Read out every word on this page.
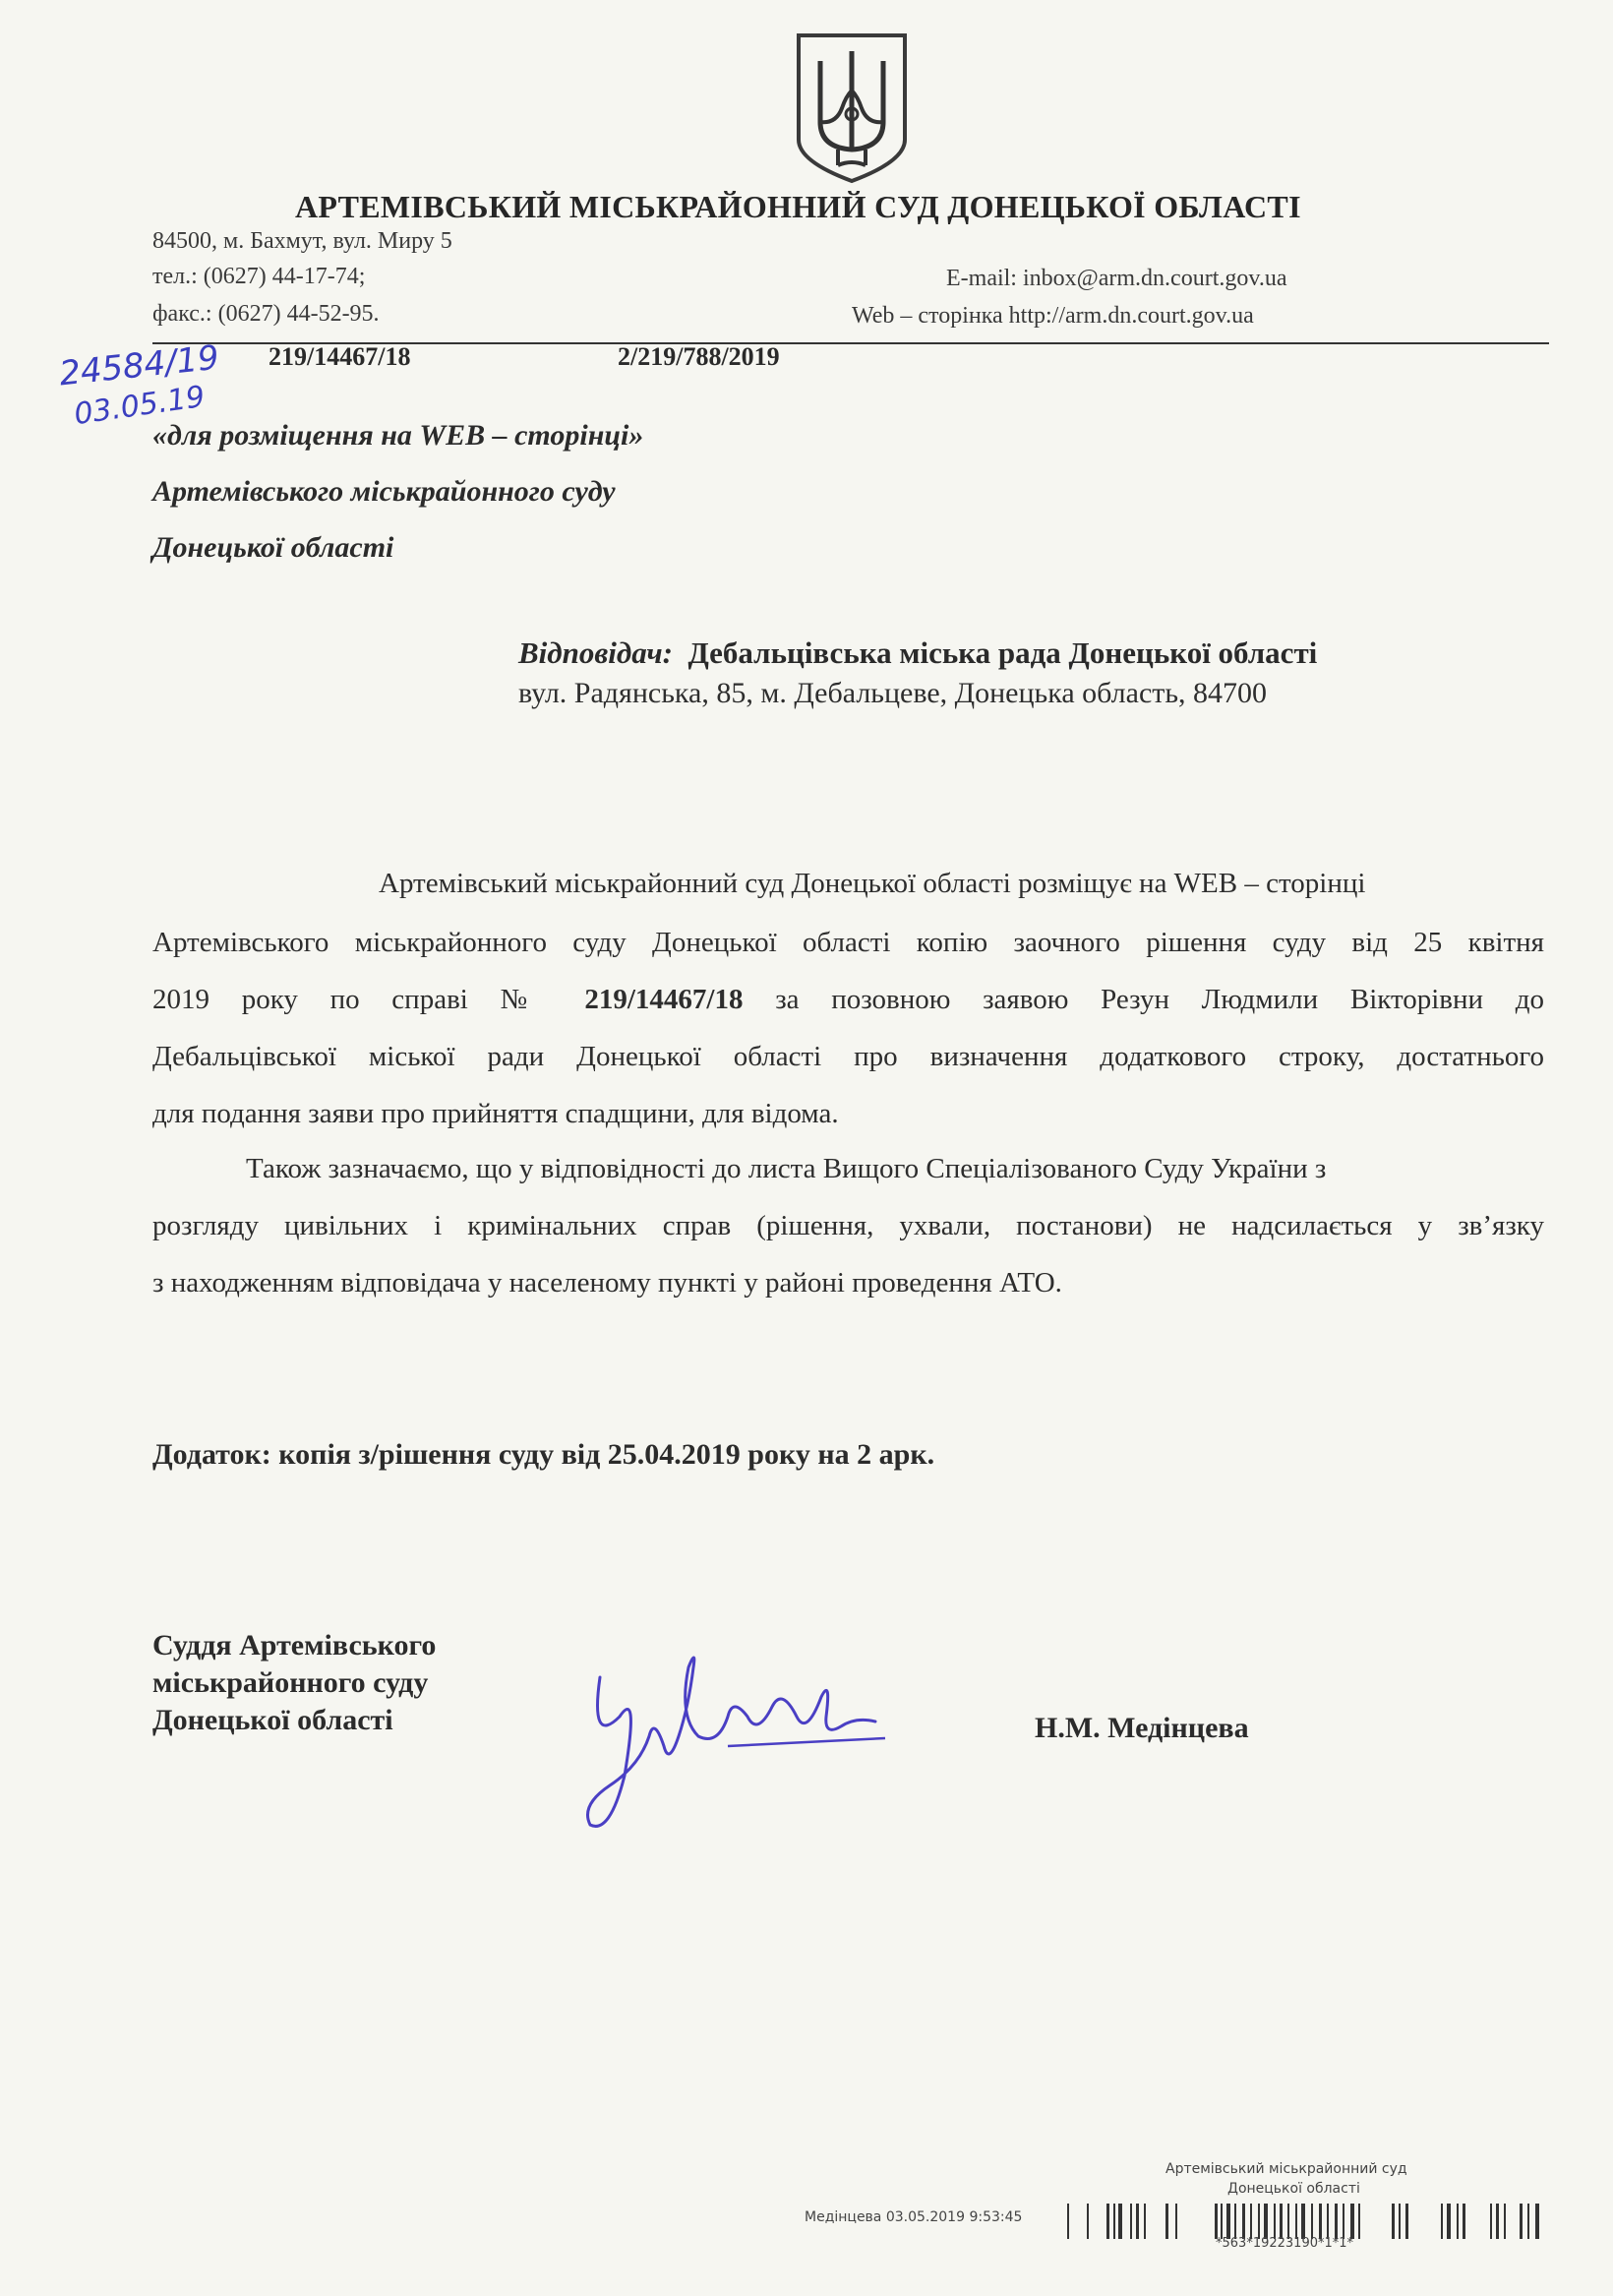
АРТЕМІВСЬКИЙ МІСЬКРАЙОННИЙ СУД ДОНЕЦЬКОЇ ОБЛАСТІ
84500, м. Бахмут, вул. Миру 5
тел.: (0627) 44-17-74;
факс.: (0627) 44-52-95.
E-mail: inbox@arm.dn.court.gov.ua
Web – сторінка http://arm.dn.court.gov.ua
24584/19
03.05.19
219/14467/18	2/219/788/2019
«для розміщення на WEB – сторінці»
Артемівського міськрайонного суду
Донецької області
Відповідач: Дебальцівська міська рада Донецької області
вул. Радянська, 85, м. Дебальцеве, Донецька область, 84700
Артемівський міськрайонний суд Донецької області розміщує на WEB – сторінці
Артемівського міськрайонного суду Донецької області копію заочного рішення суду від 25 квітня
2019 року по справі № 219/14467/18 за позовною заявою Резун Людмили Вікторівни до
Дебальцівської міської ради Донецької області про визначення додаткового строку, достатнього
для подання заяви про прийняття спадщини, для відома.
Також зазначаємо, що у відповідності до листа Вищого Спеціалізованого Суду України з
розгляду цивільних і кримінальних справ (рішення, ухвали, постанови) не надсилається у зв’язку
з находженням відповідача у населеному пункті у районі проведення АТО.
Додаток: копія з/рішення суду від 25.04.2019 року на 2 арк.
Суддя Артемівського
міськрайонного суду
Донецької області	Н.М. Медінцева
Артемівський міськрайонний суд
Донецької області
Медінцева 03.05.2019 9:53:45
*563*19223190*1*1*
